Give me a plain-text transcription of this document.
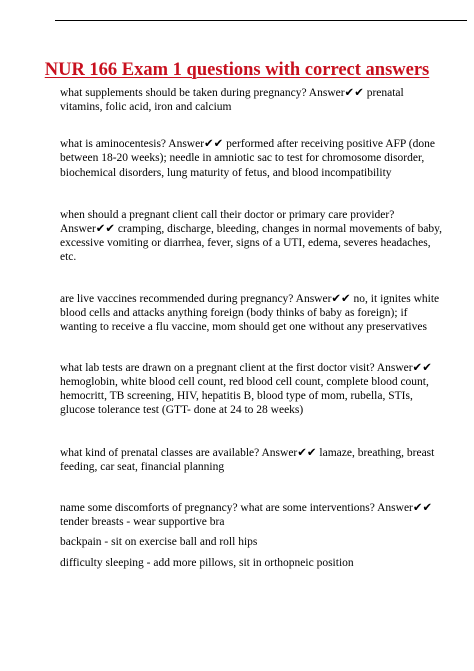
NUR 166 Exam 1 questions with correct answers

what supplements should be taken during pregnancy? Answer✔✔ prenatal

vitamins, folic acid, iron and calcium

what is aminocentesis? Answer✔✔ performed after receiving positive AFP (done

between 18-20 weeks); needle in amniotic sac to test for chromosome disorder,

biochemical disorders, lung maturity of fetus, and blood incompatibility

when should a pregnant client call their doctor or primary care provider?

Answer✔✔ cramping, discharge, bleeding, changes in normal movements of baby,

excessive vomiting or diarrhea, fever, signs of a UTI, edema, severes headaches,

etc.

are live vaccines recommended during pregnancy? Answer✔✔ no, it ignites white

blood cells and attacks anything foreign (body thinks of baby as foreign); if

wanting to receive a flu vaccine, mom should get one without any preservatives

what lab tests are drawn on a pregnant client at the first doctor visit? Answer✔✔

hemoglobin, white blood cell count, red blood cell count, complete blood count,

hemocritt, TB screening, HIV, hepatitis B, blood type of mom, rubella, STIs,

glucose tolerance test (GTT- done at 24 to 28 weeks)

what kind of prenatal classes are available? Answer✔✔ lamaze, breathing, breast

feeding, car seat, financial planning

name some discomforts of pregnancy? what are some interventions? Answer✔✔

tender breasts - wear supportive bra

backpain - sit on exercise ball and roll hips

difficulty sleeping - add more pillows, sit in orthopneic position
